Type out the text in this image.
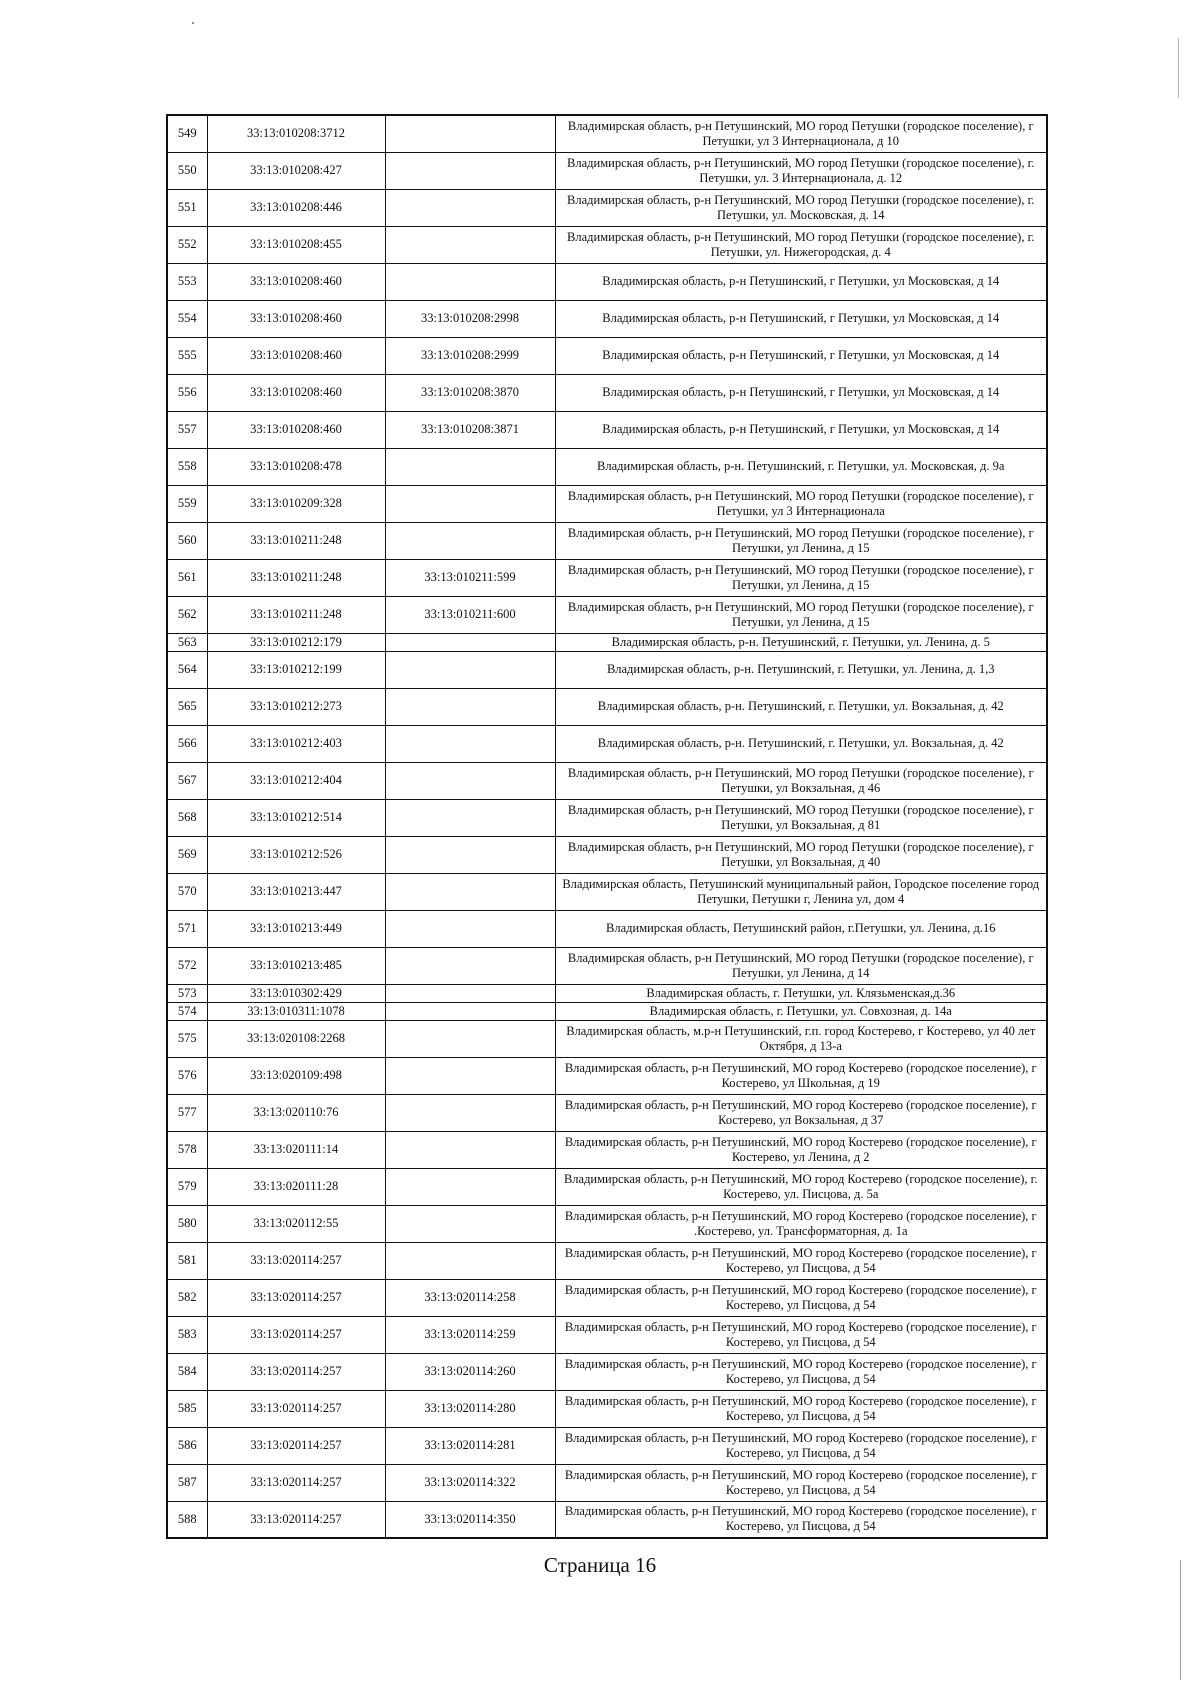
549	33:13:010208:3712		Владимирская область, р-н Петушинский, МО город Петушки (городское поселение), г Петушки, ул 3 Интернационала, д 10
550	33:13:010208:427		Владимирская область, р-н Петушинский, МО город Петушки (городское поселение), г. Петушки, ул. 3 Интернационала, д. 12
551	33:13:010208:446		Владимирская область, р-н Петушинский, МО город Петушки (городское поселение), г. Петушки, ул. Московская, д. 14
552	33:13:010208:455		Владимирская область, р-н Петушинский, МО город Петушки (городское поселение), г. Петушки, ул. Нижегородская, д. 4
553	33:13:010208:460		Владимирская область, р-н Петушинский, г Петушки, ул Московская, д 14
554	33:13:010208:460	33:13:010208:2998	Владимирская область, р-н Петушинский, г Петушки, ул Московская, д 14
555	33:13:010208:460	33:13:010208:2999	Владимирская область, р-н Петушинский, г Петушки, ул Московская, д 14
556	33:13:010208:460	33:13:010208:3870	Владимирская область, р-н Петушинский, г Петушки, ул Московская, д 14
557	33:13:010208:460	33:13:010208:3871	Владимирская область, р-н Петушинский, г Петушки, ул Московская, д 14
558	33:13:010208:478		Владимирская область, р-н. Петушинский, г. Петушки, ул. Московская, д. 9а
559	33:13:010209:328		Владимирская область, р-н Петушинский, МО город Петушки (городское поселение), г Петушки, ул 3 Интернационала
560	33:13:010211:248		Владимирская область, р-н Петушинский, МО город Петушки (городское поселение), г Петушки, ул Ленина, д 15
561	33:13:010211:248	33:13:010211:599	Владимирская область, р-н Петушинский, МО город Петушки (городское поселение), г Петушки, ул Ленина, д 15
562	33:13:010211:248	33:13:010211:600	Владимирская область, р-н Петушинский, МО город Петушки (городское поселение), г Петушки, ул Ленина, д 15
563	33:13:010212:179		Владимирская область, р-н. Петушинский, г. Петушки, ул. Ленина, д. 5
564	33:13:010212:199		Владимирская область, р-н. Петушинский, г. Петушки, ул. Ленина, д. 1,3
565	33:13:010212:273		Владимирская область, р-н. Петушинский, г. Петушки, ул. Вокзальная, д. 42
566	33:13:010212:403		Владимирская область, р-н. Петушинский, г. Петушки, ул. Вокзальная, д. 42
567	33:13:010212:404		Владимирская область, р-н Петушинский, МО город Петушки (городское поселение), г Петушки, ул Вокзальная, д 46
568	33:13:010212:514		Владимирская область, р-н Петушинский, МО город Петушки (городское поселение), г Петушки, ул Вокзальная, д 81
569	33:13:010212:526		Владимирская область, р-н Петушинский, МО город Петушки (городское поселение), г Петушки, ул Вокзальная, д 40
570	33:13:010213:447		Владимирская область, Петушинский муниципальный район, Городское поселение город Петушки, Петушки г, Ленина ул, дом 4
571	33:13:010213:449		Владимирская область, Петушинский район, г.Петушки, ул. Ленина, д.16
572	33:13:010213:485		Владимирская область, р-н Петушинский, МО город Петушки (городское поселение), г Петушки, ул Ленина, д 14
573	33:13:010302:429		Владимирская область, г. Петушки, ул. Клязьменская,д.36
574	33:13:010311:1078		Владимирская область, г. Петушки, ул. Совхозная, д. 14а
575	33:13:020108:2268		Владимирская область, м.р-н Петушинский, г.п. город Костерево, г Костерево, ул 40 лет Октября, д 13-а
576	33:13:020109:498		Владимирская область, р-н Петушинский, МО город Костерево (городское поселение), г Костерево, ул Школьная, д 19
577	33:13:020110:76		Владимирская область, р-н Петушинский, МО город Костерево (городское поселение), г Костерево, ул Вокзальная, д 37
578	33:13:020111:14		Владимирская область, р-н Петушинский, МО город Костерево (городское поселение), г Костерево, ул Ленина, д 2
579	33:13:020111:28		Владимирская область, р-н Петушинский, МО город Костерево (городское поселение), г. Костерево, ул. Писцова, д. 5а
580	33:13:020112:55		Владимирская область, р-н Петушинский, МО город Костерево (городское поселение), г .Костерево, ул. Трансформаторная, д. 1а
581	33:13:020114:257		Владимирская область, р-н Петушинский, МО город Костерево (городское поселение), г Костерево, ул Писцова, д 54
582	33:13:020114:257	33:13:020114:258	Владимирская область, р-н Петушинский, МО город Костерево (городское поселение), г Костерево, ул Писцова, д 54
583	33:13:020114:257	33:13:020114:259	Владимирская область, р-н Петушинский, МО город Костерево (городское поселение), г Костерево, ул Писцова, д 54
584	33:13:020114:257	33:13:020114:260	Владимирская область, р-н Петушинский, МО город Костерево (городское поселение), г Костерево, ул Писцова, д 54
585	33:13:020114:257	33:13:020114:280	Владимирская область, р-н Петушинский, МО город Костерево (городское поселение), г Костерево, ул Писцова, д 54
586	33:13:020114:257	33:13:020114:281	Владимирская область, р-н Петушинский, МО город Костерево (городское поселение), г Костерево, ул Писцова, д 54
587	33:13:020114:257	33:13:020114:322	Владимирская область, р-н Петушинский, МО город Костерево (городское поселение), г Костерево, ул Писцова, д 54
588	33:13:020114:257	33:13:020114:350	Владимирская область, р-н Петушинский, МО город Костерево (городское поселение), г Костерево, ул Писцова, д 54
Страница 16
